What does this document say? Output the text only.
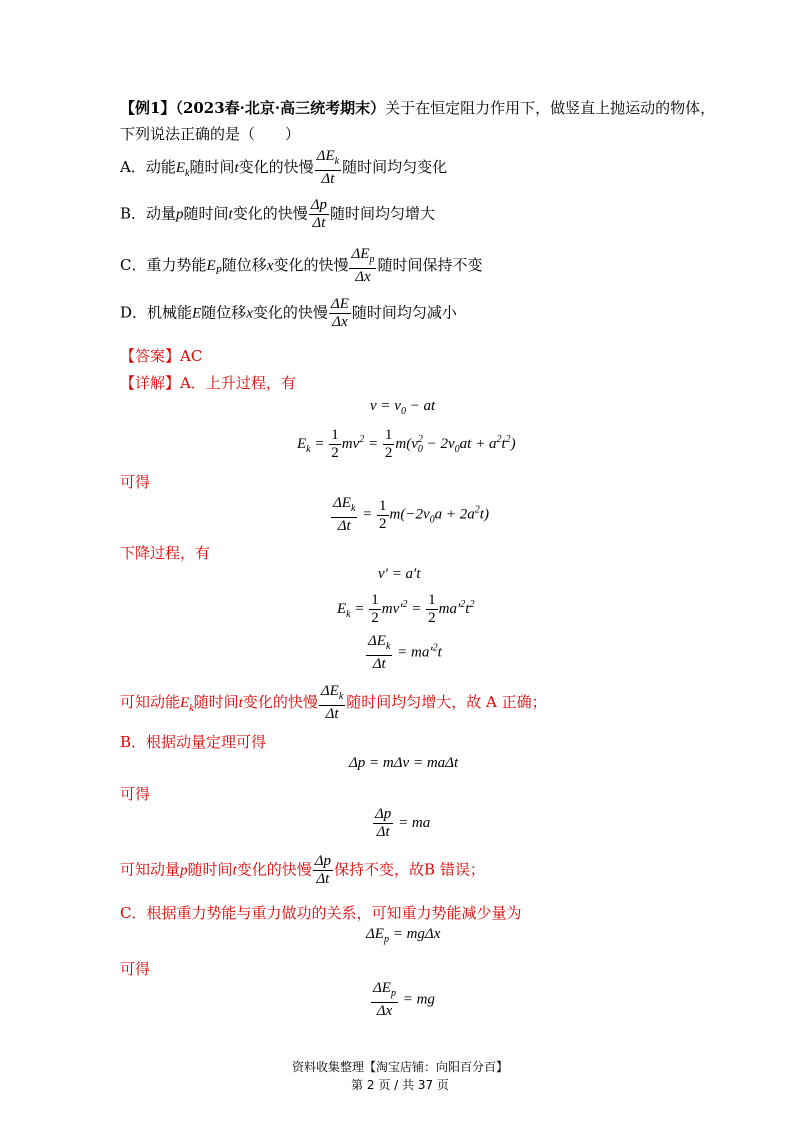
【例1】（2023春·北京·高三统考期末）关于在恒定阻力作用下，做竖直上抛运动的物体，
下列说法正确的是（　　）
A．动能$E_k$随时间t变化的快慢 $\frac{\Delta E_k}{\Delta t}$ 随时间均匀变化
B．动量p随时间t变化的快慢 $\frac{\Delta p}{\Delta t}$ 随时间均匀增大
C．重力势能$E_P$随位移x变化的快慢 $\frac{\Delta E_p}{\Delta x}$ 随时间保持不变
D．机械能E随位移x变化的快慢 $\frac{\Delta E}{\Delta x}$ 随时间均匀减小
【答案】AC
【详解】A．上升过程，有
$v = v_0$ − at
$E_k = \frac{1}{2} mv^2 = \frac{1}{2} m(v_0^2 - 2v_0at + a^2t^2)$
可得
$\frac{\Delta E_k}{\Delta t} = \frac{1}{2} m(-2v_0a + 2a^2t)$
下降过程，有
v′ = a′t
$E_k = \frac{1}{2} mv'^2 = \frac{1}{2} ma'^2t^2$
$\frac{\Delta E_k}{\Delta t} = ma'^2t$
可知动能$E_k$随时间t变化的快慢 $\frac{\Delta E_k}{\Delta t}$ 随时间均匀增大，故 A 正确；
B．根据动量定理可得
Δp = mΔv = maΔt
可得
$\frac{\Delta p}{\Delta t}$ = ma
可知动量p随时间t变化的快慢 $\frac{\Delta p}{\Delta t}$ 保持不变，故B 错误；
C．根据重力势能与重力做功的关系，可知重力势能减少量为
$\Delta E_p = mg\Delta x$
可得
$\frac{\Delta E_p}{\Delta x}$ = mg
资料收集整理【淘宝店铺：向阳百分百】
第 2 页 / 共 37 页
